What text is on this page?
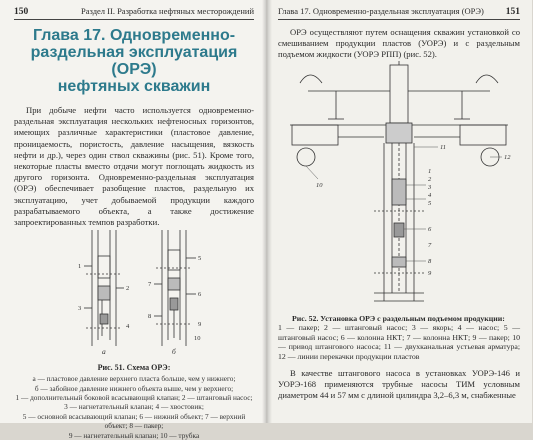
150	Раздел II. Разработка нефтяных месторождений
Глава 17. Одновременно-
раздельная эксплуатация (ОРЭ)
нефтяных скважин

При добыче нефти часто используется одновременно-раздельная эксплуатация нескольких нефтеносных горизонтов, имеющих различные характеристики (пластовое давление, проницаемость, пористость, давление насыщения, вязкость нефти и др.), через один ствол скважины (рис. 51). Кроме того, некоторые пласты вместо отдачи могут поглощать жидкость из другого горизонта. Одновременно-раздельная эксплуатация (ОРЭ) обеспечивает разобщение пластов, раздельную их эксплуатацию, учет добываемой продукции каждого разрабатываемого объекта, а также достижение запроектированных темпов разработки.

1
2
3
4
5
6
7
8
9
10
а	б
Рис. 51. Схема ОРЭ:
а — пластовое давление верхнего пласта больше, чем у нижнего;
б — забойное давление нижнего объекта выше, чем у верхнего;
1 — дополнительный боковой всасывающий клапан; 2 — штанговый насос; 3 — нагнетательный клапан; 4 — хвостовик;
5 — основной всасывающий клапан; 6 — нижний объект; 7 — верхний объект; 8 — пакер;
9 — нагнетательный клапан; 10 — трубка
Глава 17. Одновременно-раздельная эксплуатация (ОРЭ) 151

ОРЭ осуществляют путем оснащения скважин установкой со смешиванием продукции пластов (УОРЭ) и с раздельным подъемом жидкости (УОРЭ РПП) (рис. 52).

10
11
12
1
2
3
4
5
6
7
8
9
Рис. 52. Установка ОРЭ с раздельным подъемом продукции:
1 — пакер; 2 — штанговый насос; 3 — якорь; 4 — насос; 5 — штанговый насос; 6 — колонна НКТ; 7 — колонна НКТ; 9 — пакер; 10 — привод штангового насоса; 11 — двухканальная устьевая арматура; 12 — линии перекачки продукции пластов

В качестве штангового насоса в установках УОРЭ-146 и УОРЭ-168 применяются трубные насосы ТИМ условным диаметром 44 и 57 мм с длиной цилиндра 3,2–6,3 м, снабженные
